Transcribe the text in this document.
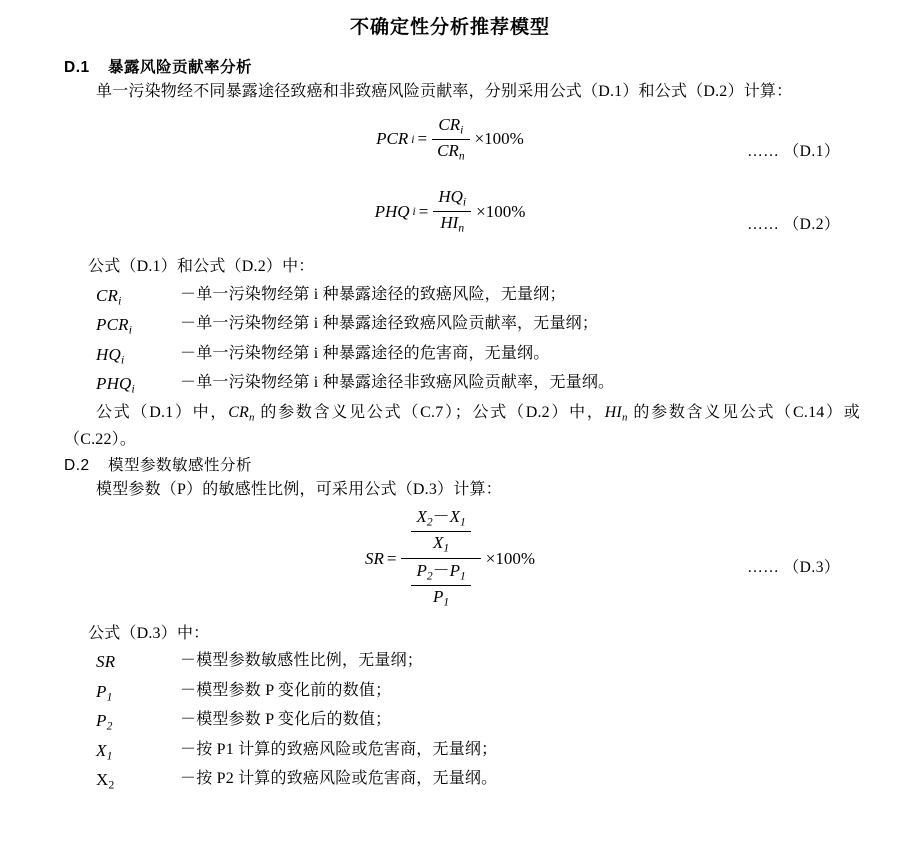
不确定性分析推荐模型
D.1 暴露风险贡献率分析
单一污染物经不同暴露途径致癌和非致癌风险贡献率，分别采用公式（D.1）和公式（D.2）计算：
PCR $i = \frac{CR_i}{CR_n} \times 100\%$
…… （D.1）
PHQ $i = \frac{HQ_i}{HI_n} \times 100\%$
…… （D.2）
公式（D.1）和公式（D.2）中：
$CR_i$	－单一污染物经第 i 种暴露途径的致癌风险，无量纲；
$PCR_i$	－单一污染物经第 i 种暴露途径致癌风险贡献率，无量纲；
$HQ_i$	－单一污染物经第 i 种暴露途径的危害商，无量纲。
$PHQ_i$	－单一污染物经第 i 种暴露途径非致癌风险贡献率，无量纲。
公式（D.1）中，$CR_n$ 的参数含义见公式（C.7）；公式（D.2）中，$HI_n$ 的参数含义见公式（C.14）或（C.22）。
D.2 模型参数敏感性分析
模型参数（P）的敏感性比例，可采用公式（D.3）计算：
SR =
$\frac{X_2-X_1}{X_1}$
$\frac{P_2-P_1}{P_1}$
×100%	…… （D.3）
公式（D.3）中：
SR	－模型参数敏感性比例，无量纲；
$P_1$	－模型参数 P 变化前的数值；
$P_2$	－模型参数 P 变化后的数值；
$X_1$	－按 P1 计算的致癌风险或危害商，无量纲；
$X_2$	－按 P2 计算的致癌风险或危害商，无量纲。
